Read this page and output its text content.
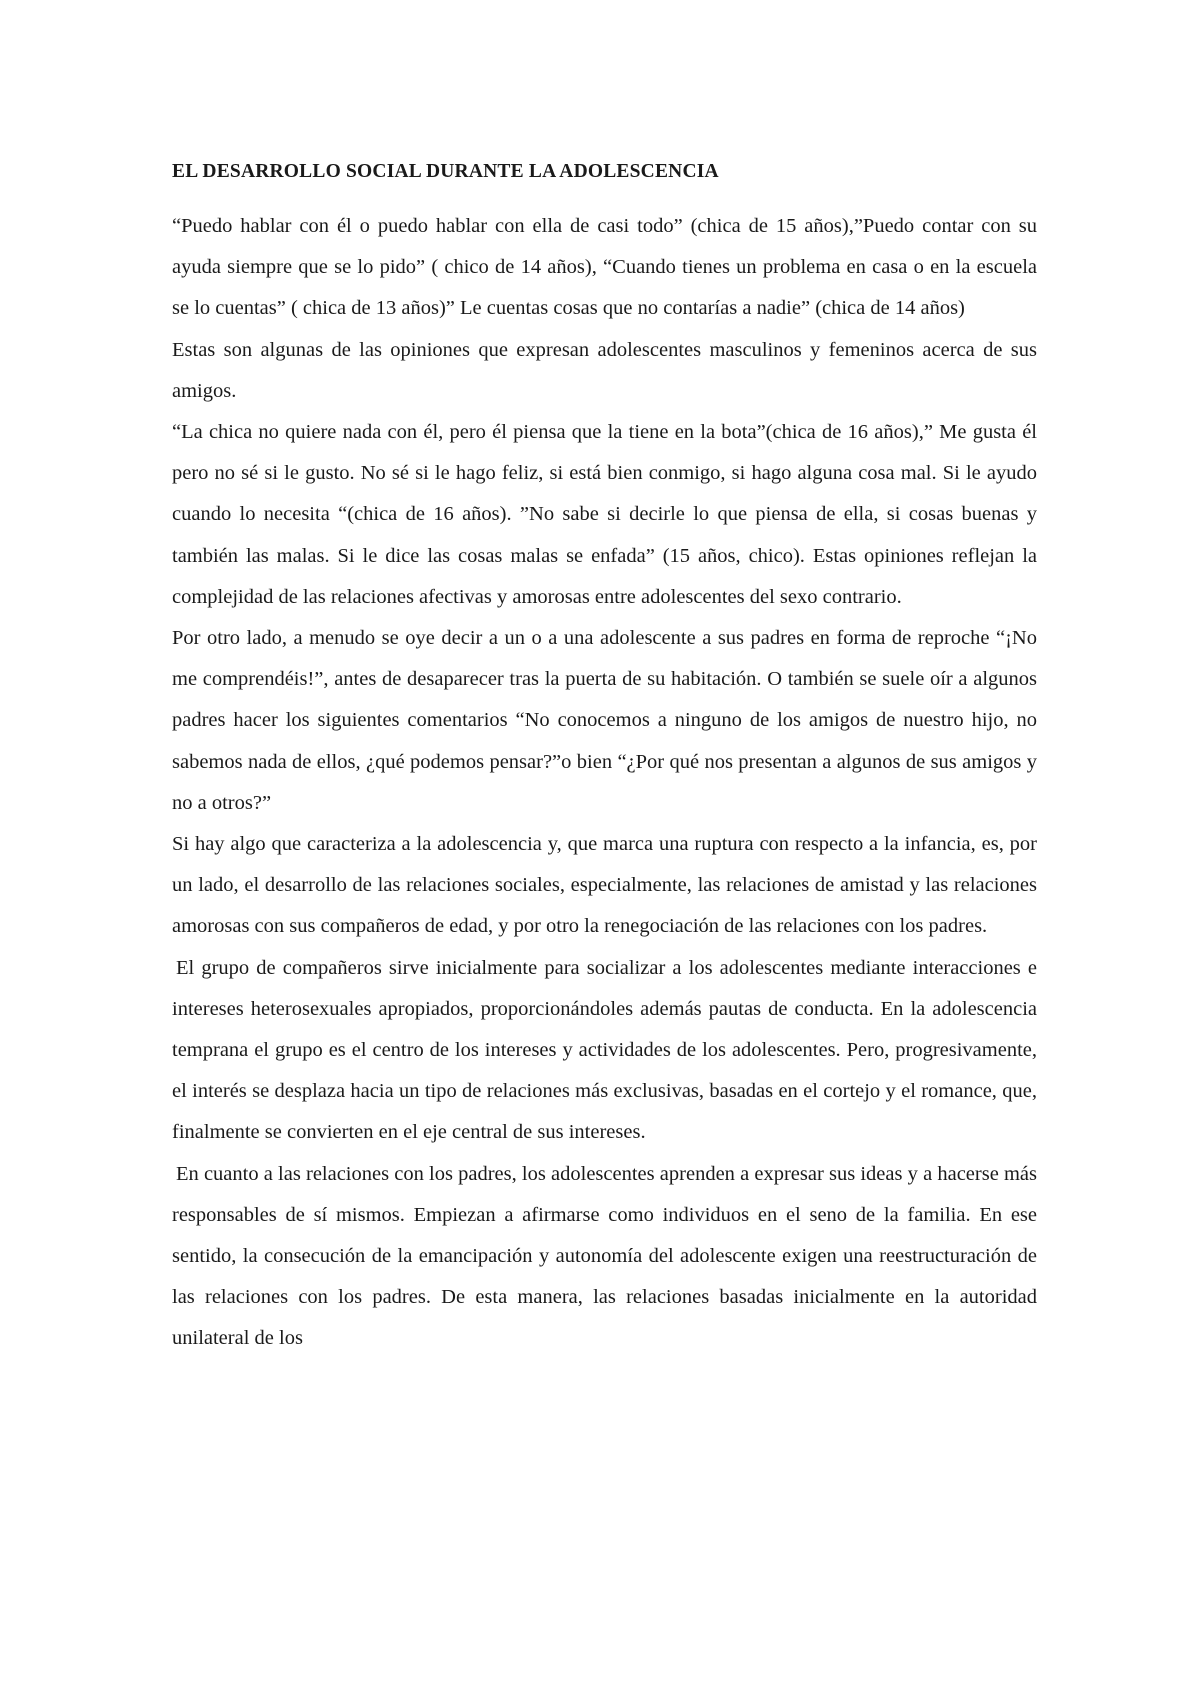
EL DESARROLLO SOCIAL DURANTE LA ADOLESCENCIA

“Puedo hablar con él o puedo hablar con ella de casi todo” (chica de 15 años),”Puedo contar con su ayuda siempre que se lo pido” ( chico de 14 años), “Cuando tienes un problema en casa o en la escuela se lo cuentas” ( chica de 13 años)” Le cuentas cosas que no contarías a nadie” (chica de 14 años)

Estas son algunas de las opiniones que expresan adolescentes masculinos y femeninos acerca de sus amigos.

“La chica no quiere nada con él, pero él piensa que la tiene en la bota”(chica de 16 años),” Me gusta él pero no sé si le gusto. No sé si le hago feliz, si está bien conmigo, si hago alguna cosa mal. Si le ayudo cuando lo necesita “(chica de 16 años). ”No sabe si decirle lo que piensa de ella, si cosas buenas y también las malas. Si le dice las cosas malas se enfada” (15 años, chico). Estas opiniones reflejan la complejidad de las relaciones afectivas y amorosas entre adolescentes del sexo contrario.

Por otro lado, a menudo se oye decir a un o a una adolescente a sus padres en forma de reproche “¡No me comprendéis!”, antes de desaparecer tras la puerta de su habitación. O también se suele oír a algunos padres hacer los siguientes comentarios “No conocemos a ninguno de los amigos de nuestro hijo, no sabemos nada de ellos, ¿qué podemos pensar?”o bien “¿Por qué nos presentan a algunos de sus amigos y no a otros?”

Si hay algo que caracteriza a la adolescencia y, que marca una ruptura con respecto a la infancia, es, por un lado, el desarrollo de las relaciones sociales, especialmente, las relaciones de amistad y las relaciones amorosas con sus compañeros de edad, y por otro la renegociación de las relaciones con los padres.

El grupo de compañeros sirve inicialmente para socializar a los adolescentes mediante interacciones e intereses heterosexuales apropiados, proporcionándoles además pautas de conducta. En la adolescencia temprana el grupo es el centro de los intereses y actividades de los adolescentes. Pero, progresivamente, el interés se desplaza hacia un tipo de relaciones más exclusivas, basadas en el cortejo y el romance, que, finalmente se convierten en el eje central de sus intereses.

En cuanto a las relaciones con los padres, los adolescentes aprenden a expresar sus ideas y a hacerse más responsables de sí mismos. Empiezan a afirmarse como individuos en el seno de la familia. En ese sentido, la consecución de la emancipación y autonomía del adolescente exigen una reestructuración de las relaciones con los padres. De esta manera, las relaciones basadas inicialmente en la autoridad unilateral de los
